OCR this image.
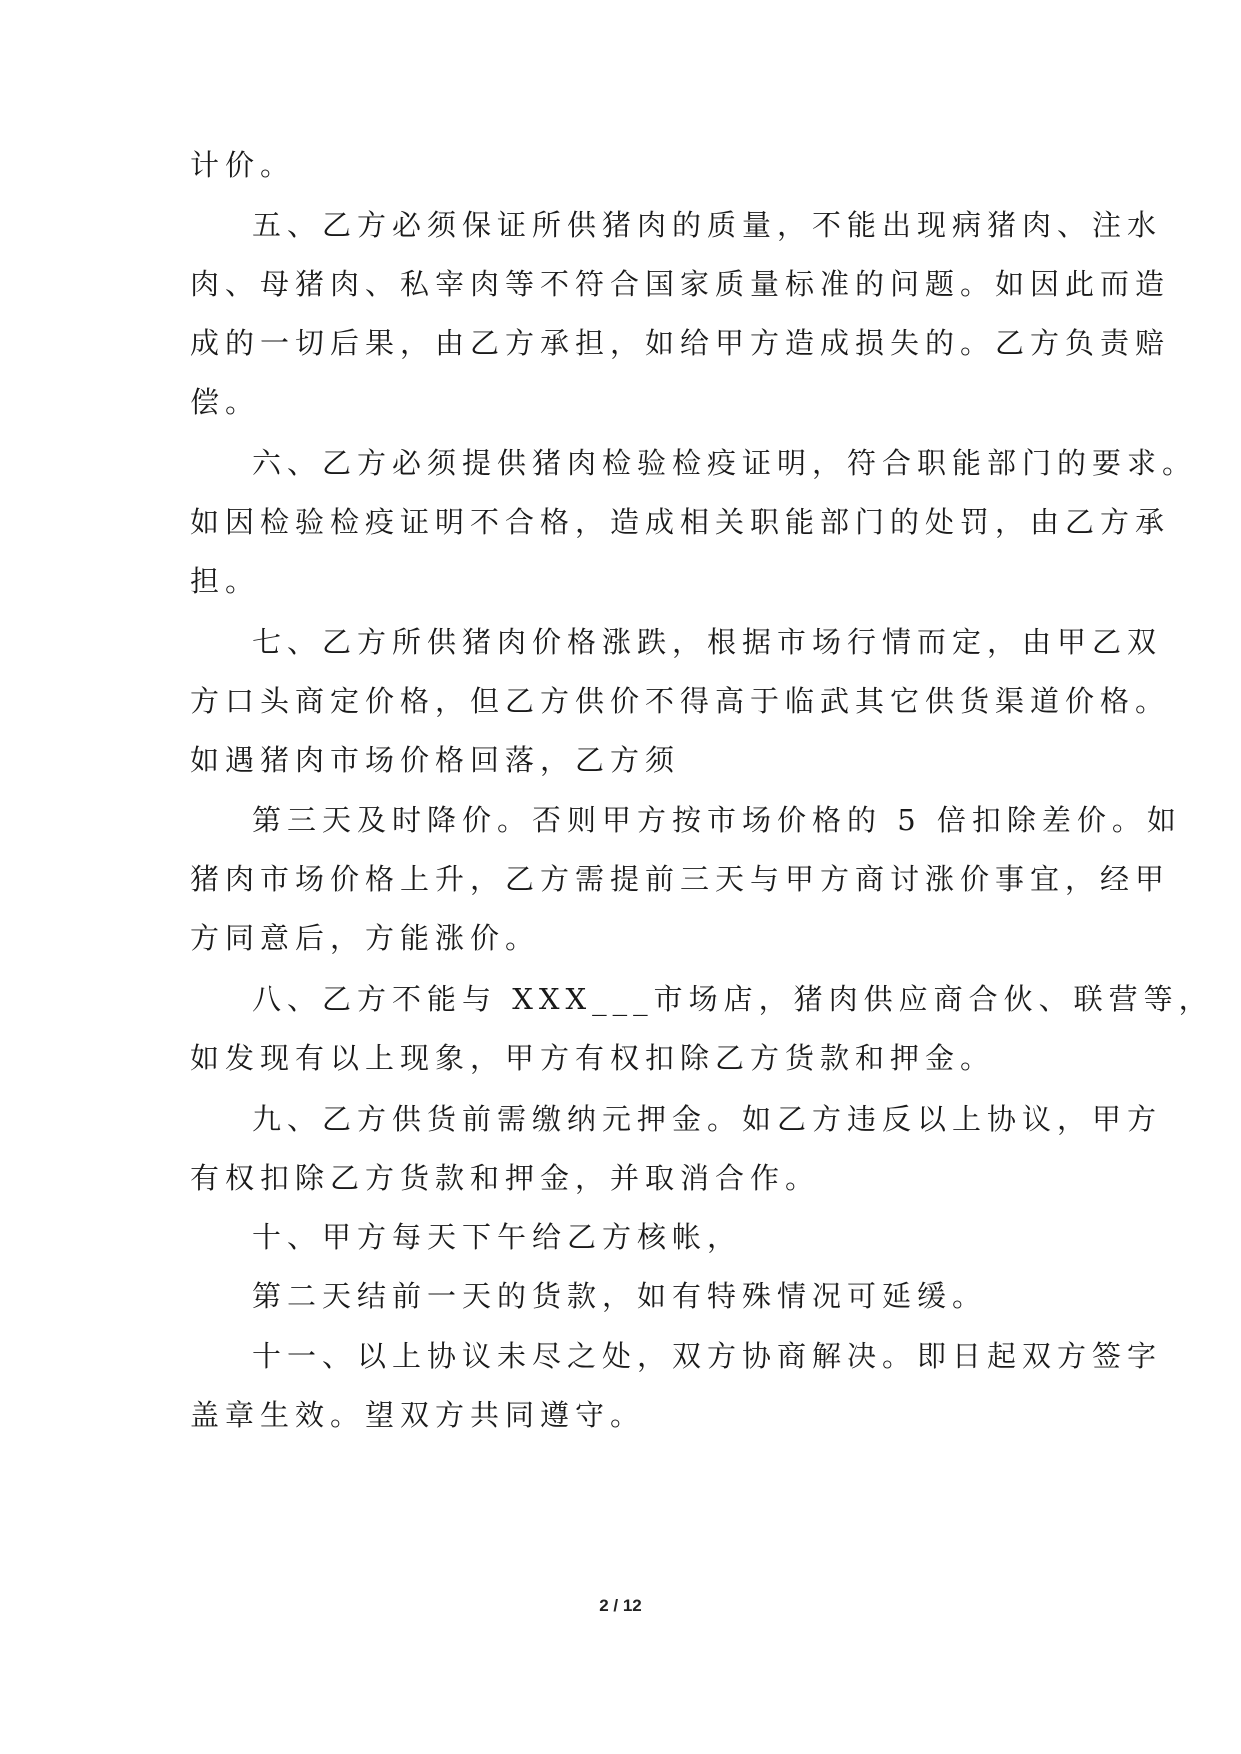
计价。
五、乙方必须保证所供猪肉的质量，不能出现病猪肉、注水
肉、母猪肉、私宰肉等不符合国家质量标准的问题。如因此而造
成的一切后果，由乙方承担，如给甲方造成损失的。乙方负责赔
偿。
六、乙方必须提供猪肉检验检疫证明，符合职能部门的要求。
如因检验检疫证明不合格，造成相关职能部门的处罚，由乙方承
担。
七、乙方所供猪肉价格涨跌，根据市场行情而定，由甲乙双
方口头商定价格，但乙方供价不得高于临武其它供货渠道价格。
如遇猪肉市场价格回落，乙方须
第三天及时降价。否则甲方按市场价格的 5 倍扣除差价。如
猪肉市场价格上升，乙方需提前三天与甲方商讨涨价事宜，经甲
方同意后，方能涨价。
八、乙方不能与 XXX___市场店，猪肉供应商合伙、联营等，
如发现有以上现象，甲方有权扣除乙方货款和押金。
九、乙方供货前需缴纳元押金。如乙方违反以上协议，甲方
有权扣除乙方货款和押金，并取消合作。
十、甲方每天下午给乙方核帐，
第二天结前一天的货款，如有特殊情况可延缓。
十一、以上协议未尽之处，双方协商解决。即日起双方签字
盖章生效。望双方共同遵守。
2 / 12
